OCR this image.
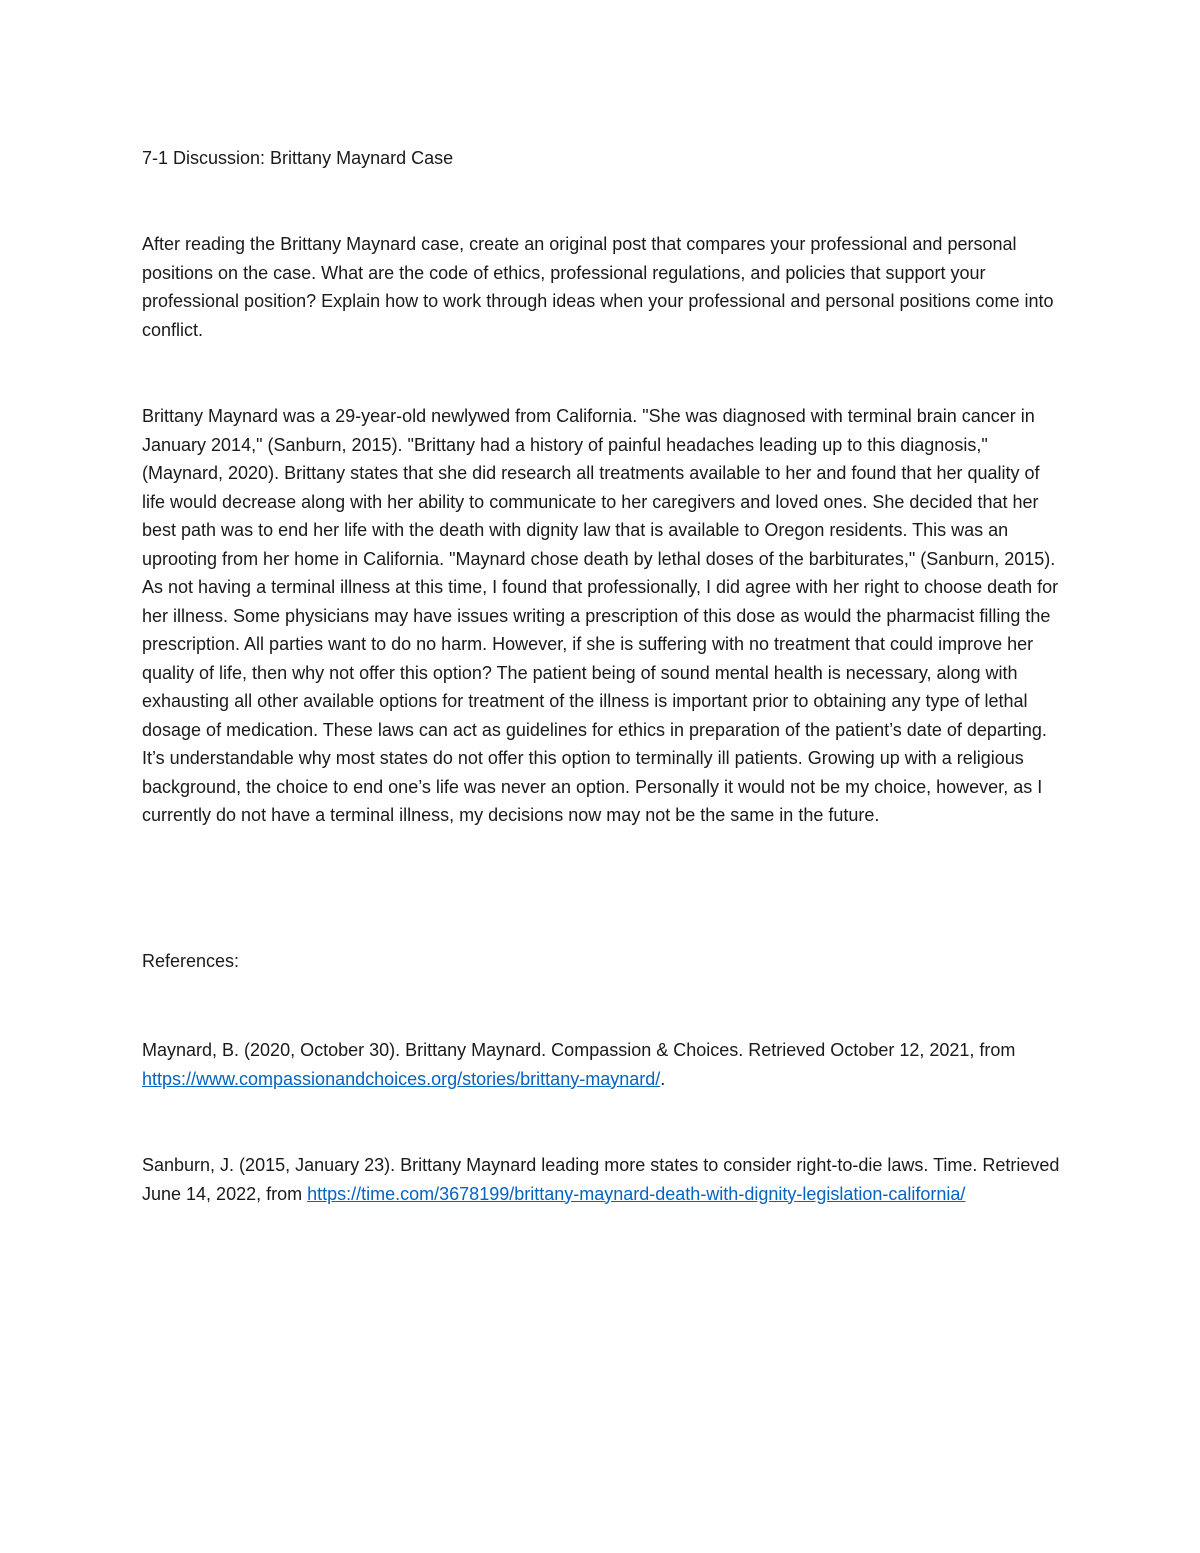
7-1 Discussion: Brittany Maynard Case

After reading the Brittany Maynard case, create an original post that compares your professional and personal positions on the case. What are the code of ethics, professional regulations, and policies that support your professional position? Explain how to work through ideas when your professional and personal positions come into conflict.

Brittany Maynard was a 29-year-old newlywed from California. "She was diagnosed with terminal brain cancer in January 2014," (Sanburn, 2015). "Brittany had a history of painful headaches leading up to this diagnosis," (Maynard, 2020). Brittany states that she did research all treatments available to her and found that her quality of life would decrease along with her ability to communicate to her caregivers and loved ones. She decided that her best path was to end her life with the death with dignity law that is available to Oregon residents. This was an uprooting from her home in California. "Maynard chose death by lethal doses of the barbiturates," (Sanburn, 2015). As not having a terminal illness at this time, I found that professionally, I did agree with her right to choose death for her illness. Some physicians may have issues writing a prescription of this dose as would the pharmacist filling the prescription. All parties want to do no harm. However, if she is suffering with no treatment that could improve her quality of life, then why not offer this option? The patient being of sound mental health is necessary, along with exhausting all other available options for treatment of the illness is important prior to obtaining any type of lethal dosage of medication. These laws can act as guidelines for ethics in preparation of the patient’s date of departing. It’s understandable why most states do not offer this option to terminally ill patients. Growing up with a religious background, the choice to end one’s life was never an option. Personally it would not be my choice, however, as I currently do not have a terminal illness, my decisions now may not be the same in the future.

References:

Maynard, B. (2020, October 30). Brittany Maynard. Compassion & Choices. Retrieved October 12, 2021, from https://www.compassionandchoices.org/stories/brittany-maynard/.

Sanburn, J. (2015, January 23). Brittany Maynard leading more states to consider right-to-die laws. Time. Retrieved June 14, 2022, from https://time.com/3678199/brittany-maynard-death-with-dignity-legislation-california/
